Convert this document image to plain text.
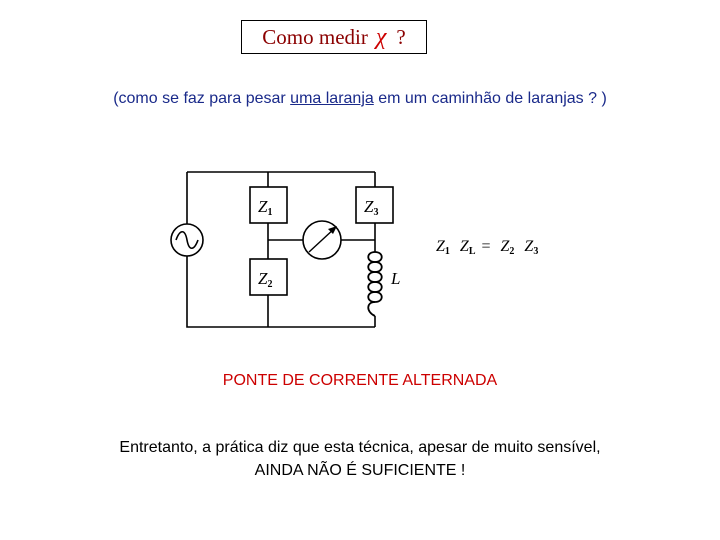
Como medir χ ?
(como se faz para pesar uma laranja em um caminhão de laranjas ? )
Z1	Z3
Z2	L
Z1 ZL = Z2 Z3
PONTE DE CORRENTE ALTERNADA
Entretanto, a prática diz que esta técnica, apesar de muito sensível,
AINDA NÃO É SUFICIENTE !
